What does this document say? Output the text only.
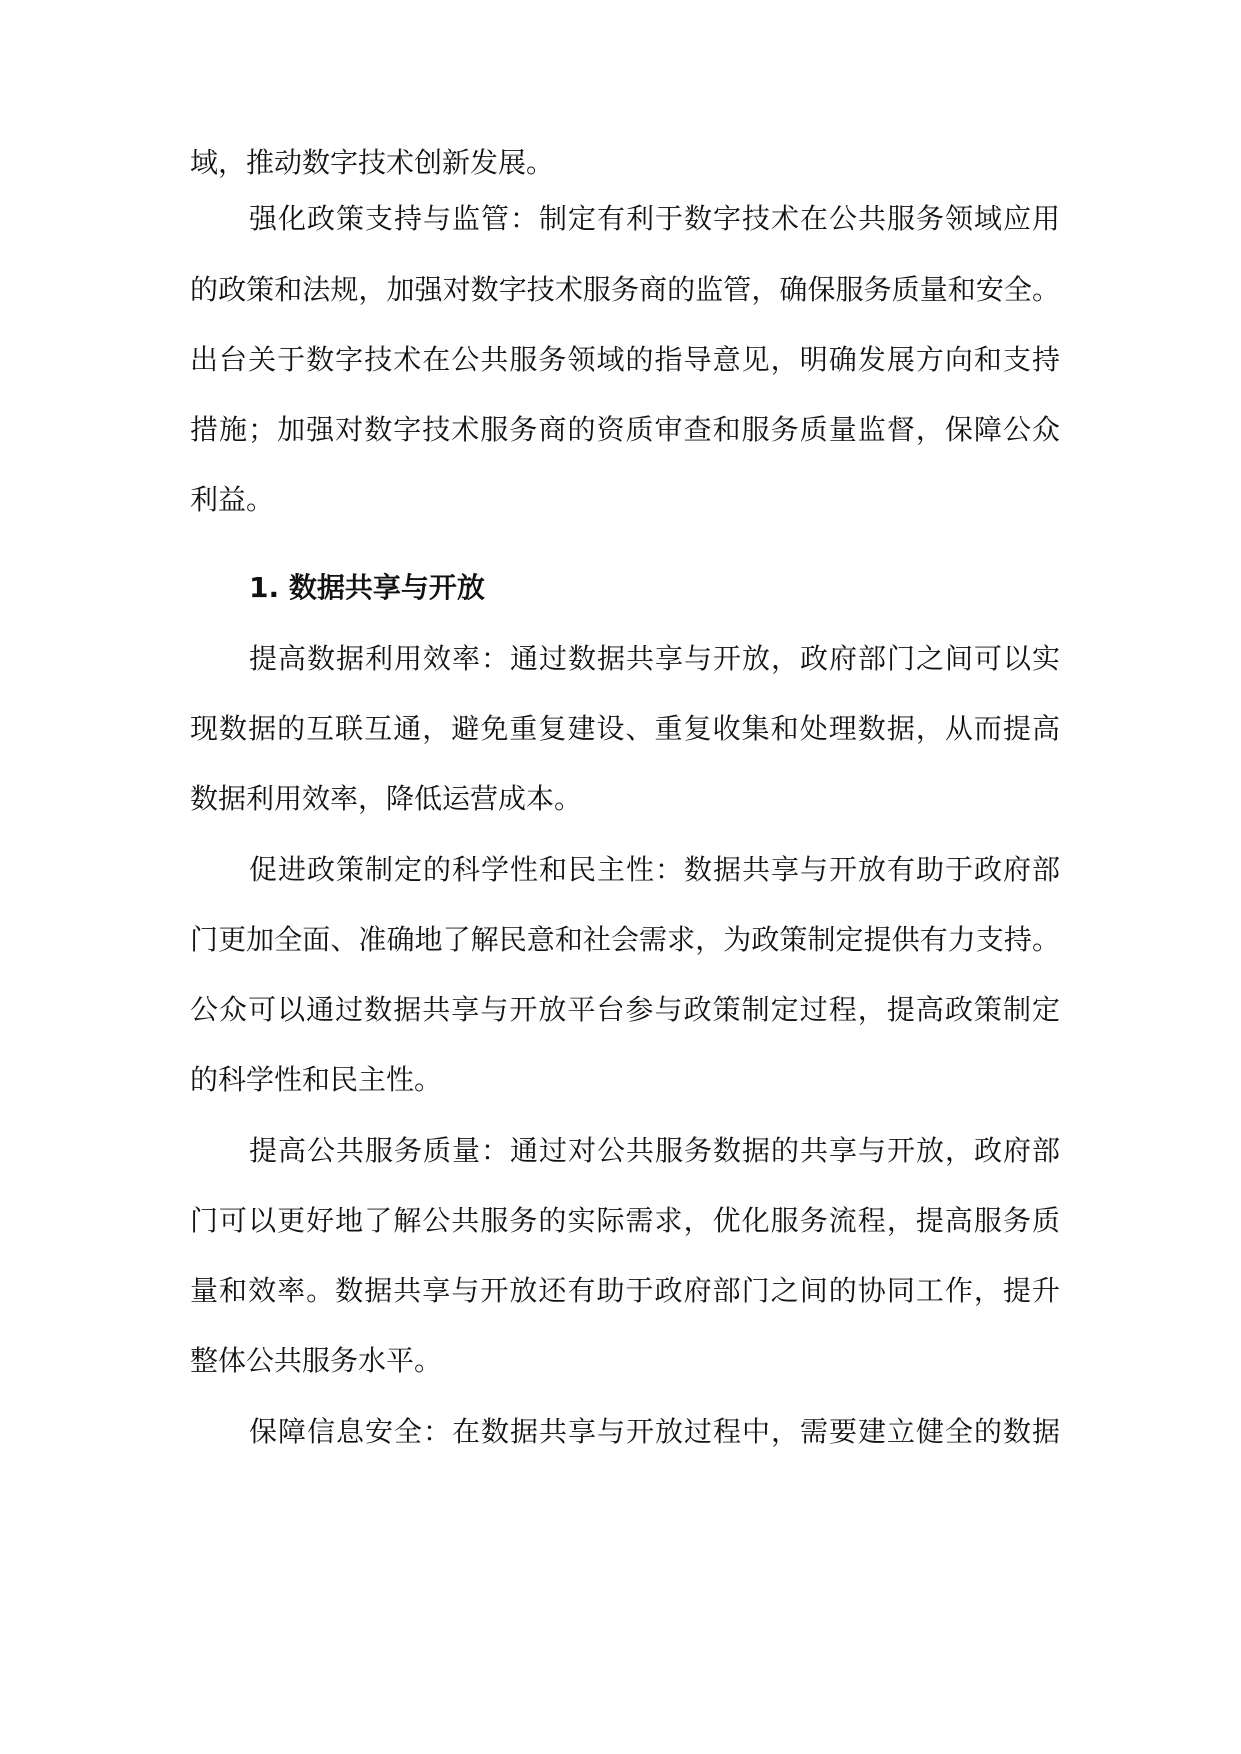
域，推动数字技术创新发展。
强化政策支持与监管：制定有利于数字技术在公共服务领域应用
的政策和法规，加强对数字技术服务商的监管，确保服务质量和安全。
出台关于数字技术在公共服务领域的指导意见，明确发展方向和支持
措施；加强对数字技术服务商的资质审查和服务质量监督，保障公众
利益。
1. 数据共享与开放
提高数据利用效率：通过数据共享与开放，政府部门之间可以实
现数据的互联互通，避免重复建设、重复收集和处理数据，从而提高
数据利用效率，降低运营成本。
促进政策制定的科学性和民主性：数据共享与开放有助于政府部
门更加全面、准确地了解民意和社会需求，为政策制定提供有力支持。
公众可以通过数据共享与开放平台参与政策制定过程，提高政策制定
的科学性和民主性。
提高公共服务质量：通过对公共服务数据的共享与开放，政府部
门可以更好地了解公共服务的实际需求，优化服务流程，提高服务质
量和效率。数据共享与开放还有助于政府部门之间的协同工作，提升
整体公共服务水平。
保障信息安全：在数据共享与开放过程中，需要建立健全的数据
